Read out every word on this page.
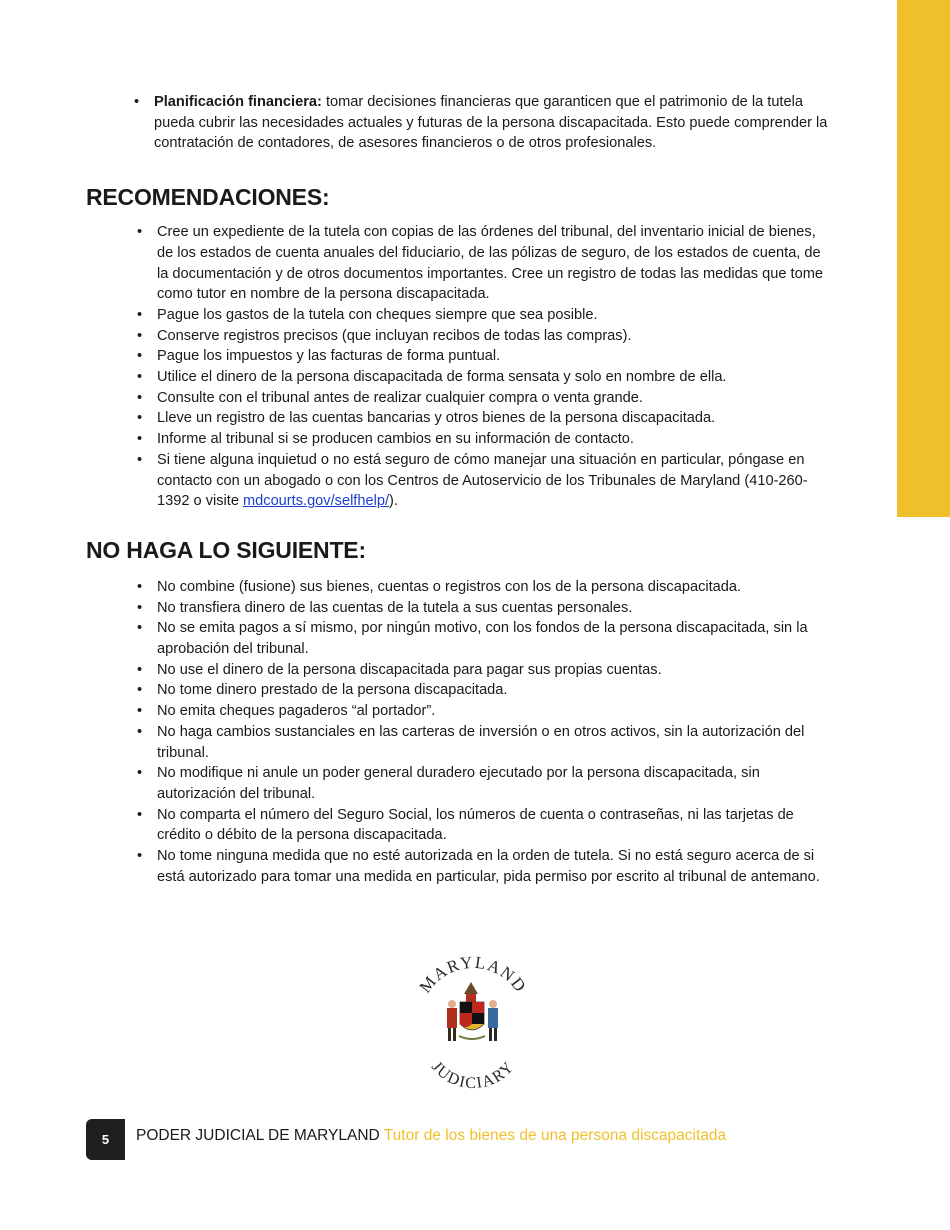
• Planificación financiera: tomar decisiones financieras que garanticen que el patrimonio de la tutela pueda cubrir las necesidades actuales y futuras de la persona discapacitada. Esto puede comprender la contratación de contadores, de asesores financieros o de otros profesionales.
RECOMENDACIONES:
• Cree un expediente de la tutela con copias de las órdenes del tribunal, del inventario inicial de bienes, de los estados de cuenta anuales del fiduciario, de las pólizas de seguro, de los estados de cuenta, de la documentación y de otros documentos importantes. Cree un registro de todas las medidas que tome como tutor en nombre de la persona discapacitada.
• Pague los gastos de la tutela con cheques siempre que sea posible.
• Conserve registros precisos (que incluyan recibos de todas las compras).
• Pague los impuestos y las facturas de forma puntual.
• Utilice el dinero de la persona discapacitada de forma sensata y solo en nombre de ella.
• Consulte con el tribunal antes de realizar cualquier compra o venta grande.
• Lleve un registro de las cuentas bancarias y otros bienes de la persona discapacitada.
• Informe al tribunal si se producen cambios en su información de contacto.
• Si tiene alguna inquietud o no está seguro de cómo manejar una situación en particular, póngase en contacto con un abogado o con los Centros de Autoservicio de los Tribunales de Maryland (410-260-1392 o visite mdcourts.gov/selfhelp/).
NO HAGA LO SIGUIENTE:
• No combine (fusione) sus bienes, cuentas o registros con los de la persona discapacitada.
• No transfiera dinero de las cuentas de la tutela a sus cuentas personales.
• No se emita pagos a sí mismo, por ningún motivo, con los fondos de la persona discapacitada, sin la aprobación del tribunal.
• No use el dinero de la persona discapacitada para pagar sus propias cuentas.
• No tome dinero prestado de la persona discapacitada.
• No emita cheques pagaderos “al portador”.
• No haga cambios sustanciales en las carteras de inversión o en otros activos, sin la autorización del tribunal.
• No modifique ni anule un poder general duradero ejecutado por la persona discapacitada, sin autorización del tribunal.
• No comparta el número del Seguro Social, los números de cuenta o contraseñas, ni las tarjetas de crédito o débito de la persona discapacitada.
• No tome ninguna medida que no esté autorizada en la orden de tutela. Si no está seguro acerca de si está autorizado para tomar una medida en particular, pida permiso por escrito al tribunal de antemano.
MARYLAND
JUDICIARY
5	PODER JUDICIAL DE MARYLAND Tutor de los bienes de una persona discapacitada
